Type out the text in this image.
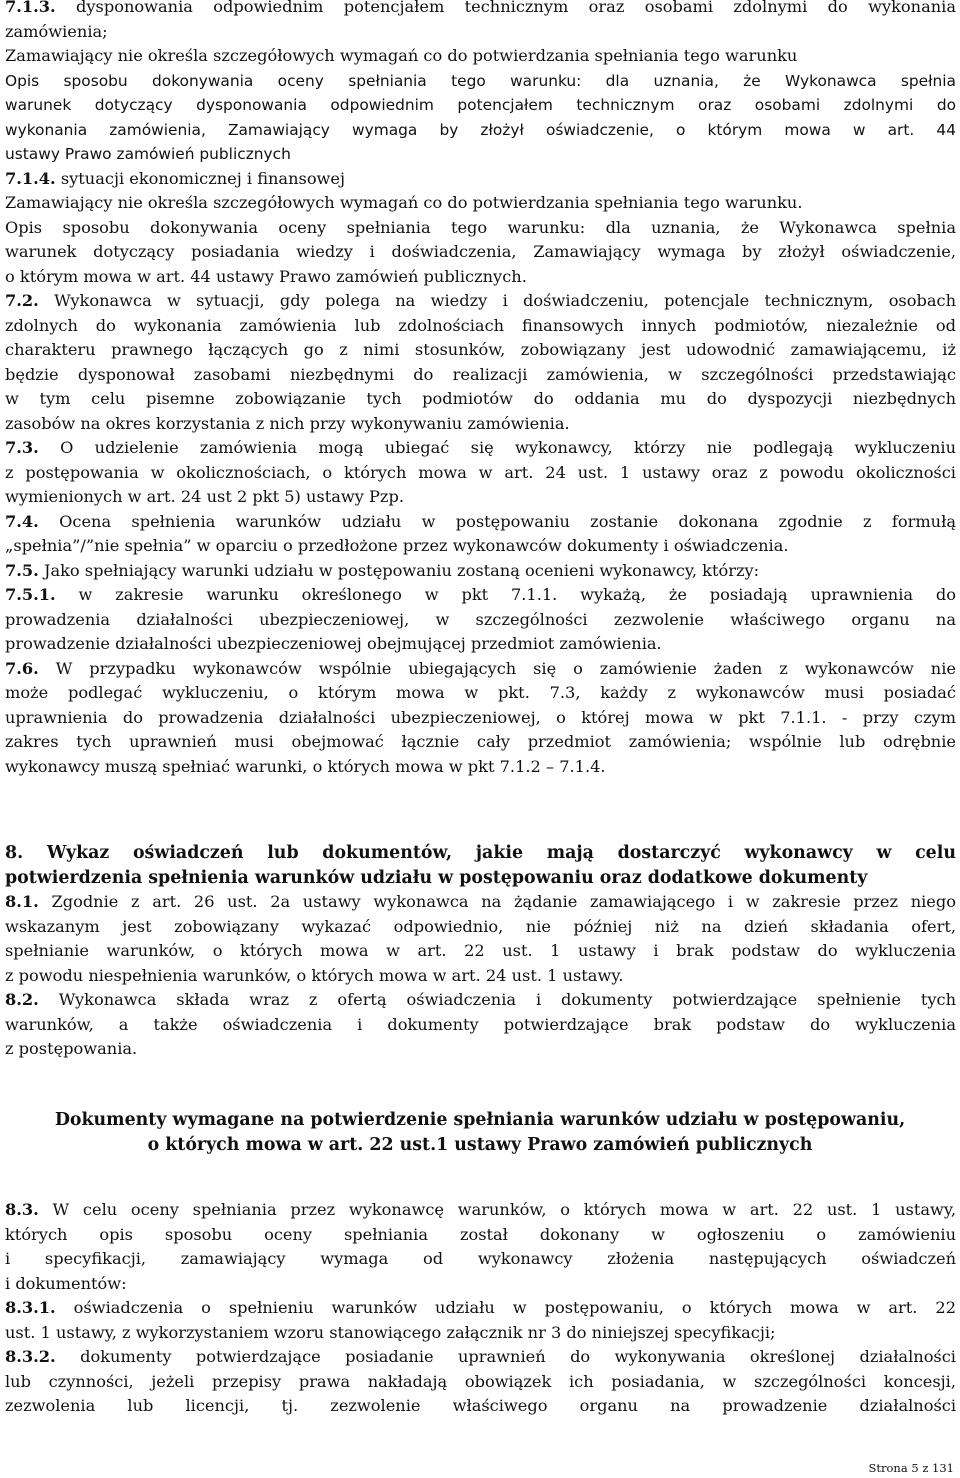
7.1.3. dysponowania odpowiednim potencjałem technicznym oraz osobami zdolnymi do wykonania
zamówienia;
Zamawiający nie określa szczegółowych wymagań co do potwierdzania spełniania tego warunku
Opis sposobu dokonywania oceny spełniania tego warunku: dla uznania, że Wykonawca spełnia
warunek dotyczący dysponowania odpowiednim potencjałem technicznym oraz osobami zdolnymi do
wykonania zamówienia, Zamawiający wymaga by złożył oświadczenie, o którym mowa w art. 44
ustawy Prawo zamówień publicznych
7.1.4. sytuacji ekonomicznej i finansowej
Zamawiający nie określa szczegółowych wymagań co do potwierdzania spełniania tego warunku.
Opis sposobu dokonywania oceny spełniania tego warunku: dla uznania, że Wykonawca spełnia
warunek dotyczący posiadania wiedzy i doświadczenia, Zamawiający wymaga by złożył oświadczenie,
o którym mowa w art. 44 ustawy Prawo zamówień publicznych.
7.2. Wykonawca w sytuacji, gdy polega na wiedzy i doświadczeniu, potencjale technicznym, osobach
zdolnych do wykonania zamówienia lub zdolnościach finansowych innych podmiotów, niezależnie od
charakteru prawnego łączących go z nimi stosunków, zobowiązany jest udowodnić zamawiającemu, iż
będzie dysponował zasobami niezbędnymi do realizacji zamówienia, w szczególności przedstawiając
w tym celu pisemne zobowiązanie tych podmiotów do oddania mu do dyspozycji niezbędnych
zasobów na okres korzystania z nich przy wykonywaniu zamówienia.
7.3. O udzielenie zamówienia mogą ubiegać się wykonawcy, którzy nie podlegają wykluczeniu
z postępowania w okolicznościach, o których mowa w art. 24 ust. 1 ustawy oraz z powodu okoliczności
wymienionych w art. 24 ust 2 pkt 5) ustawy Pzp.
7.4. Ocena spełnienia warunków udziału w postępowaniu zostanie dokonana zgodnie z formułą
„spełnia”/”nie spełnia” w oparciu o przedłożone przez wykonawców dokumenty i oświadczenia.
7.5. Jako spełniający warunki udziału w postępowaniu zostaną ocenieni wykonawcy, którzy:
7.5.1. w zakresie warunku określonego w pkt 7.1.1. wykażą, że posiadają uprawnienia do
prowadzenia działalności ubezpieczeniowej, w szczególności zezwolenie właściwego organu na
prowadzenie działalności ubezpieczeniowej obejmującej przedmiot zamówienia.
7.6. W przypadku wykonawców wspólnie ubiegających się o zamówienie żaden z wykonawców nie
może podlegać wykluczeniu, o którym mowa w pkt. 7.3, każdy z wykonawców musi posiadać
uprawnienia do prowadzenia działalności ubezpieczeniowej, o której mowa w pkt 7.1.1. - przy czym
zakres tych uprawnień musi obejmować łącznie cały przedmiot zamówienia; wspólnie lub odrębnie
wykonawcy muszą spełniać warunki, o których mowa w pkt 7.1.2 – 7.1.4.
8. Wykaz oświadczeń lub dokumentów, jakie mają dostarczyć wykonawcy w celu
potwierdzenia spełnienia warunków udziału w postępowaniu oraz dodatkowe dokumenty
8.1. Zgodnie z art. 26 ust. 2a ustawy wykonawca na żądanie zamawiającego i w zakresie przez niego
wskazanym jest zobowiązany wykazać odpowiednio, nie później niż na dzień składania ofert,
spełnianie warunków, o których mowa w art. 22 ust. 1 ustawy i brak podstaw do wykluczenia
z powodu niespełnienia warunków, o których mowa w art. 24 ust. 1 ustawy.
8.2. Wykonawca składa wraz z ofertą oświadczenia i dokumenty potwierdzające spełnienie tych
warunków, a także oświadczenia i dokumenty potwierdzające brak podstaw do wykluczenia
z postępowania.
Dokumenty wymagane na potwierdzenie spełniania warunków udziału w postępowaniu,
o których mowa w art. 22 ust.1 ustawy Prawo zamówień publicznych
8.3. W celu oceny spełniania przez wykonawcę warunków, o których mowa w art. 22 ust. 1 ustawy,
których opis sposobu oceny spełniania został dokonany w ogłoszeniu o zamówieniu
i specyfikacji, zamawiający wymaga od wykonawcy złożenia następujących oświadczeń
i dokumentów:
8.3.1. oświadczenia o spełnieniu warunków udziału w postępowaniu, o których mowa w art. 22
ust. 1 ustawy, z wykorzystaniem wzoru stanowiącego załącznik nr 3 do niniejszej specyfikacji;
8.3.2. dokumenty potwierdzające posiadanie uprawnień do wykonywania określonej działalności
lub czynności, jeżeli przepisy prawa nakładają obowiązek ich posiadania, w szczególności koncesji,
zezwolenia lub licencji, tj. zezwolenie właściwego organu na prowadzenie działalności
Strona 5 z 131
